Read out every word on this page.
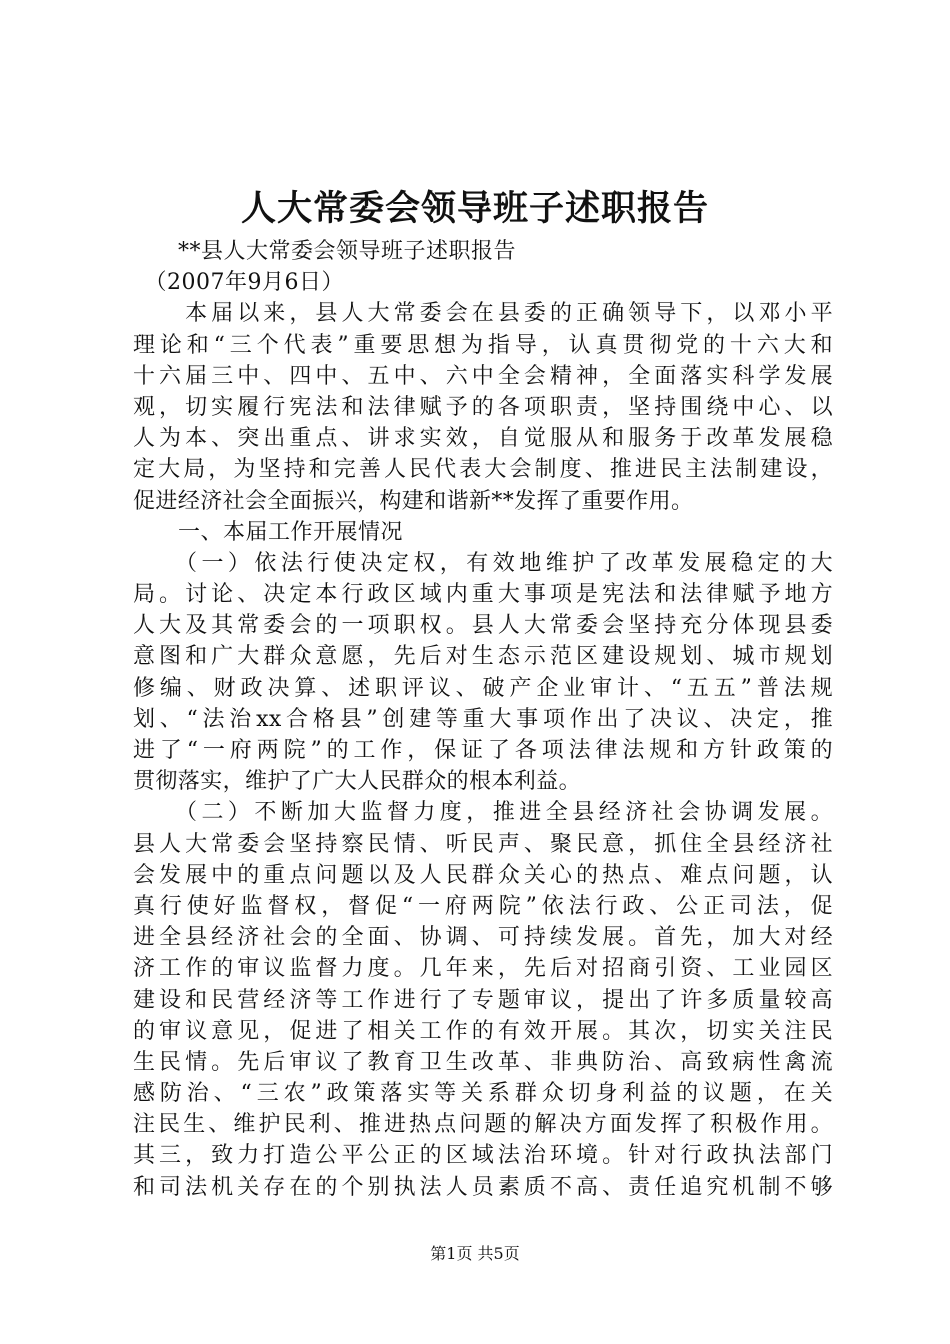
人大常委会领导班子述职报告
　　**县人大常委会领导班子述职报告
　（2007年9月6日）
　　本届以来，县人大常委会在县委的正确领导下，以邓小平
理论和“三个代表”重要思想为指导，认真贯彻党的十六大和
十六届三中、四中、五中、六中全会精神，全面落实科学发展
观，切实履行宪法和法律赋予的各项职责，坚持围绕中心、以
人为本、突出重点、讲求实效，自觉服从和服务于改革发展稳
定大局，为坚持和完善人民代表大会制度、推进民主法制建设，
促进经济社会全面振兴，构建和谐新**发挥了重要作用。
　　一、本届工作开展情况
　　（一）依法行使决定权，有效地维护了改革发展稳定的大
局。讨论、决定本行政区域内重大事项是宪法和法律赋予地方
人大及其常委会的一项职权。县人大常委会坚持充分体现县委
意图和广大群众意愿，先后对生态示范区建设规划、城市规划
修编、财政决算、述职评议、破产企业审计、“五五”普法规
划、“法治xx合格县”创建等重大事项作出了决议、决定，推
进了“一府两院”的工作，保证了各项法律法规和方针政策的
贯彻落实，维护了广大人民群众的根本利益。
　　（二）不断加大监督力度，推进全县经济社会协调发展。
县人大常委会坚持察民情、听民声、聚民意，抓住全县经济社
会发展中的重点问题以及人民群众关心的热点、难点问题，认
真行使好监督权，督促“一府两院”依法行政、公正司法，促
进全县经济社会的全面、协调、可持续发展。首先，加大对经
济工作的审议监督力度。几年来，先后对招商引资、工业园区
建设和民营经济等工作进行了专题审议，提出了许多质量较高
的审议意见，促进了相关工作的有效开展。其次，切实关注民
生民情。先后审议了教育卫生改革、非典防治、高致病性禽流
感防治、“三农”政策落实等关系群众切身利益的议题，在关
注民生、维护民利、推进热点问题的解决方面发挥了积极作用。
其三，致力打造公平公正的区域法治环境。针对行政执法部门
和司法机关存在的个别执法人员素质不高、责任追究机制不够
第1页 共5页
